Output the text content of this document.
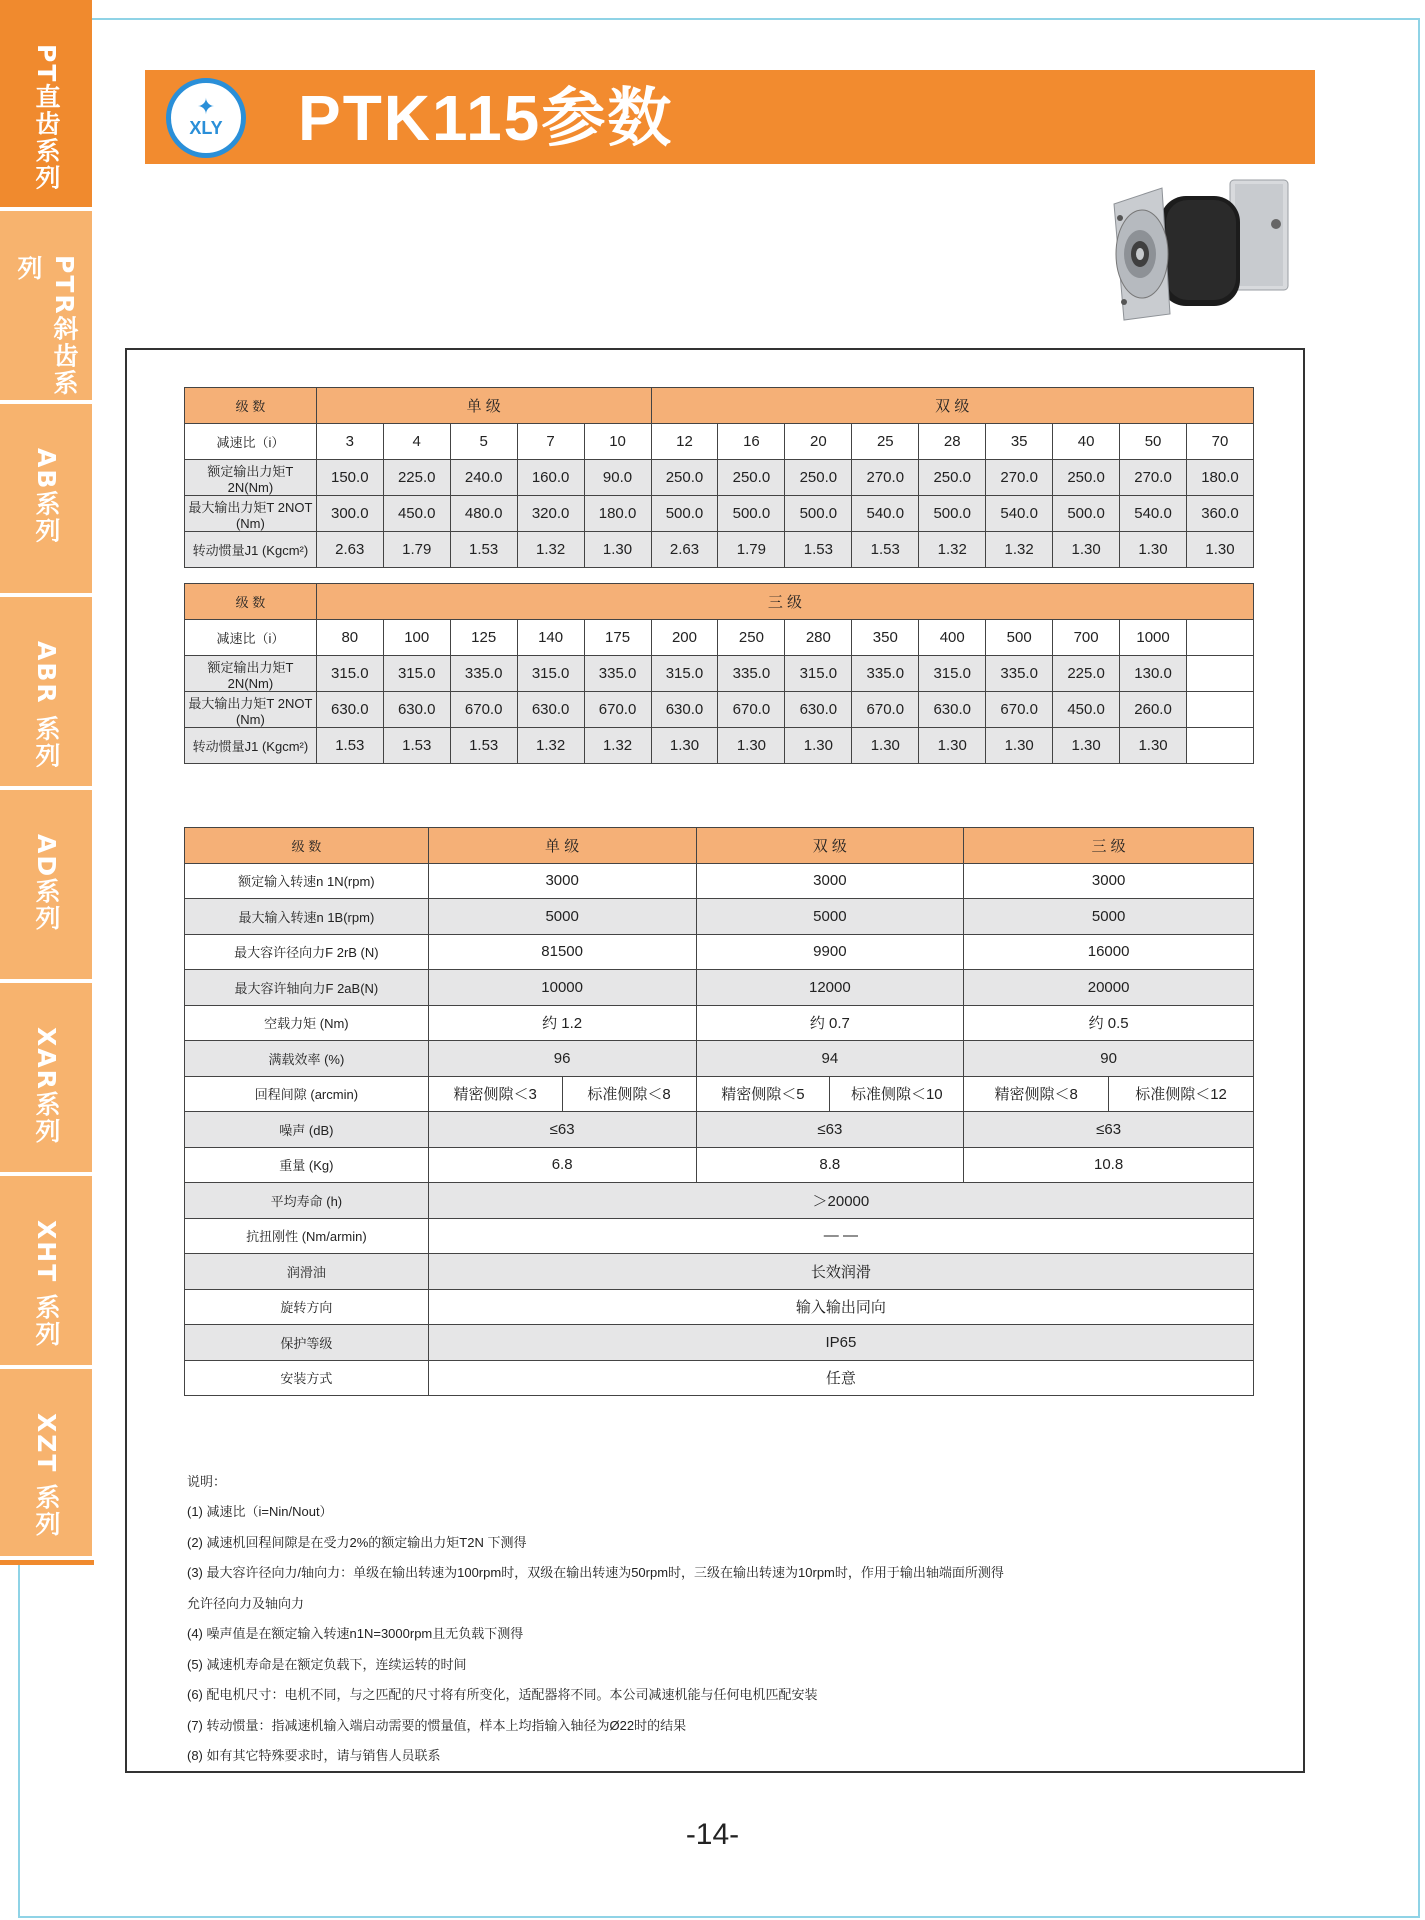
PT直齿系列
PTR斜齿系列
AB系列
ABR 系列
AD系列
XAR系列
XHT 系列
XZT 系列
✦
XLY PTK115参数
级 数	单 级					双 级								
减速比（i）	3	4	5	7	10	12	16	20	25	28	35	40	50	70
额定输出力矩T 2N(Nm)	150.0	225.0	240.0	160.0	90.0	250.0	250.0	250.0	270.0	250.0	270.0	250.0	270.0	180.0
最大输出力矩T 2NOT (Nm)	300.0	450.0	480.0	320.0	180.0	500.0	500.0	500.0	540.0	500.0	540.0	500.0	540.0	360.0
转动惯量J1 (Kgcm²)	2.63	1.79	1.53	1.32	1.30	2.63	1.79	1.53	1.53	1.32	1.32	1.30	1.30	1.30
级 数	三 级													
减速比（i）	80	100	125	140	175	200	250	280	350	400	500	700	1000	
额定输出力矩T 2N(Nm)	315.0	315.0	335.0	315.0	335.0	315.0	335.0	315.0	335.0	315.0	335.0	225.0	130.0	
最大输出力矩T 2NOT (Nm)	630.0	630.0	670.0	630.0	670.0	630.0	670.0	630.0	670.0	630.0	670.0	450.0	260.0	
转动惯量J1 (Kgcm²)	1.53	1.53	1.53	1.32	1.32	1.30	1.30	1.30	1.30	1.30	1.30	1.30	1.30	
级 数	单 级		双 级		三 级	
额定输入转速n 1N(rpm)	3000		3000		3000	
最大输入转速n 1B(rpm)	5000		5000		5000	
最大容许径向力F 2rB (N)	81500		9900		16000	
最大容许轴向力F 2aB(N)	10000		12000		20000	
空载力矩 (Nm)	约 1.2		约 0.7		约 0.5	
满载效率 (%)	96		94		90	
回程间隙 (arcmin)	精密侧隙＜3	标准侧隙＜8	精密侧隙＜5	标准侧隙＜10	精密侧隙＜8	标准侧隙＜12
噪声 (dB)	≤63		≤63		≤63	
重量 (Kg)	6.8		8.8		10.8	
平均寿命 (h)	＞20000					
抗扭刚性 (Nm/armin)	— —					
润滑油	长效润滑					
旋转方向	输入输出同向					
保护等级	IP65					
安装方式	任意					
说明：
(1) 减速比（i=Nin/Nout）
(2) 减速机回程间隙是在受力2%的额定输出力矩T2N 下测得
(3) 最大容许径向力/轴向力：单级在输出转速为100rpm时，双级在输出转速为50rpm时，三级在输出转速为10rpm时，作用于输出轴端面所测得
允许径向力及轴向力
(4) 噪声值是在额定输入转速n1N=3000rpm且无负载下测得
(5) 减速机寿命是在额定负载下，连续运转的时间
(6) 配电机尺寸：电机不同，与之匹配的尺寸将有所变化，适配器将不同。本公司减速机能与任何电机匹配安装
(7) 转动惯量：指减速机输入端启动需要的惯量值，样本上均指输入轴径为Ø22时的结果
(8) 如有其它特殊要求时，请与销售人员联系
-14-
